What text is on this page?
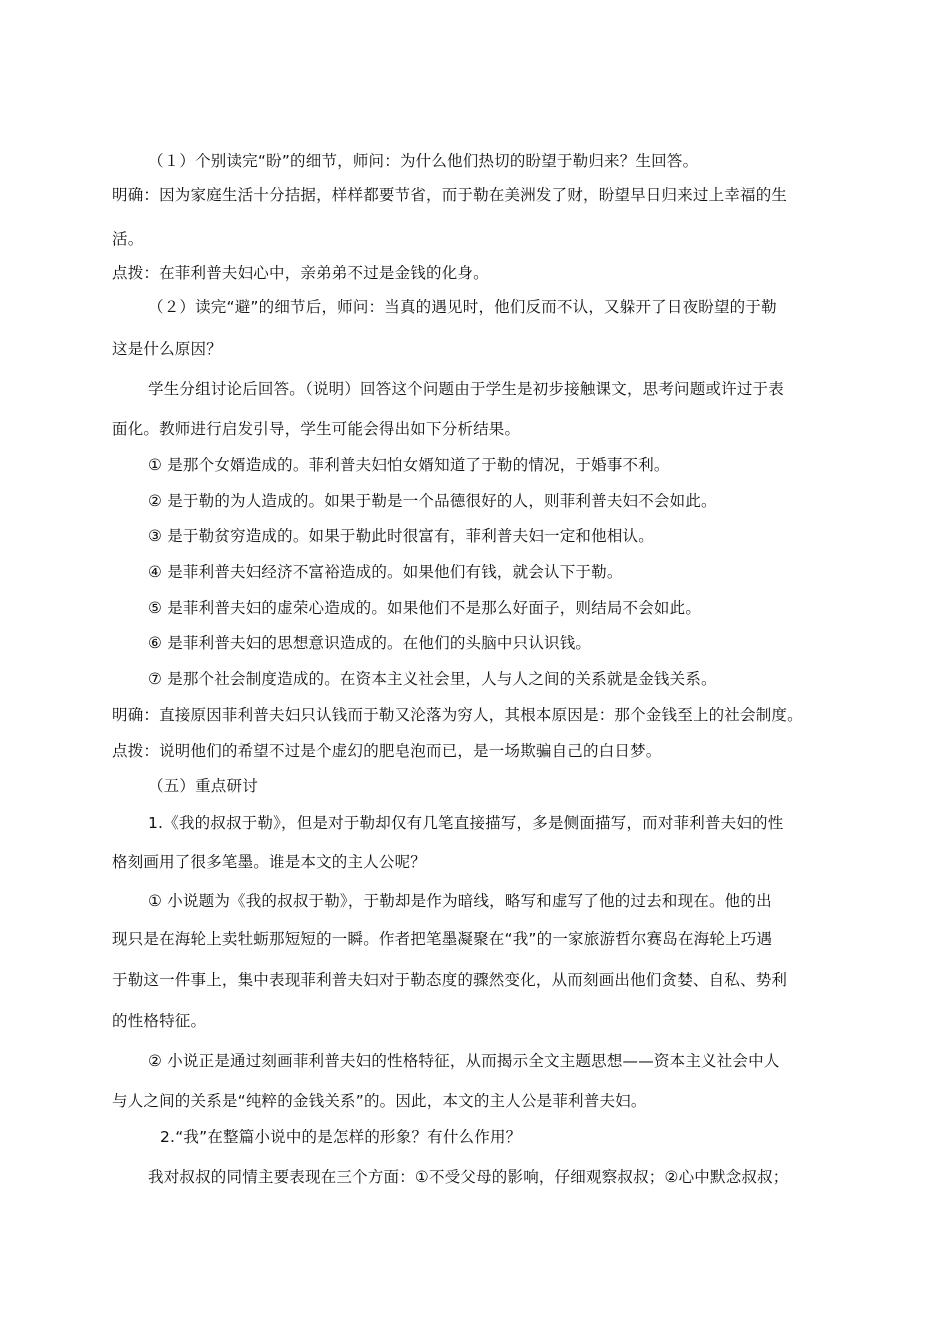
（１）个别读完“盼”的细节，师问：为什么他们热切的盼望于勒归来？生回答。
明确：因为家庭生活十分拮据，样样都要节省，而于勒在美洲发了财，盼望早日归来过上幸福的生
活。
点拨：在菲利普夫妇心中，亲弟弟不过是金钱的化身。
（２）读完“避”的细节后，师问：当真的遇见时，他们反而不认，又躲开了日夜盼望的于勒
这是什么原因？
学生分组讨论后回答。（说明）回答这个问题由于学生是初步接触课文，思考问题或许过于表
面化。教师进行启发引导，学生可能会得出如下分析结果。
① 是那个女婿造成的。菲利普夫妇怕女婿知道了于勒的情况，于婚事不利。
② 是于勒的为人造成的。如果于勒是一个品德很好的人，则菲利普夫妇不会如此。
③ 是于勒贫穷造成的。如果于勒此时很富有，菲利普夫妇一定和他相认。
④ 是菲利普夫妇经济不富裕造成的。如果他们有钱，就会认下于勒。
⑤ 是菲利普夫妇的虚荣心造成的。如果他们不是那么好面子，则结局不会如此。
⑥ 是菲利普夫妇的思想意识造成的。在他们的头脑中只认识钱。
⑦ 是那个社会制度造成的。在资本主义社会里，人与人之间的关系就是金钱关系。
明确：直接原因菲利普夫妇只认钱而于勒又沦落为穷人，其根本原因是：那个金钱至上的社会制度。
点拨：说明他们的希望不过是个虚幻的肥皂泡而已，是一场欺骗自己的白日梦。
（五）重点研讨
1.《我的叔叔于勒》，但是对于勒却仅有几笔直接描写，多是侧面描写，而对菲利普夫妇的性
格刻画用了很多笔墨。谁是本文的主人公呢？
① 小说题为《我的叔叔于勒》，于勒却是作为暗线，略写和虚写了他的过去和现在。他的出
现只是在海轮上卖牡蛎那短短的一瞬。作者把笔墨凝聚在“我”的一家旅游哲尔赛岛在海轮上巧遇
于勒这一件事上，集中表现菲利普夫妇对于勒态度的骤然变化，从而刻画出他们贪婪、自私、势利
的性格特征。
② 小说正是通过刻画菲利普夫妇的性格特征，从而揭示全文主题思想——资本主义社会中人
与人之间的关系是“纯粹的金钱关系”的。因此，本文的主人公是菲利普夫妇。
2.“我”在整篇小说中的是怎样的形象？有什么作用？
我对叔叔的同情主要表现在三个方面：①不受父母的影响，仔细观察叔叔；②心中默念叔叔；
